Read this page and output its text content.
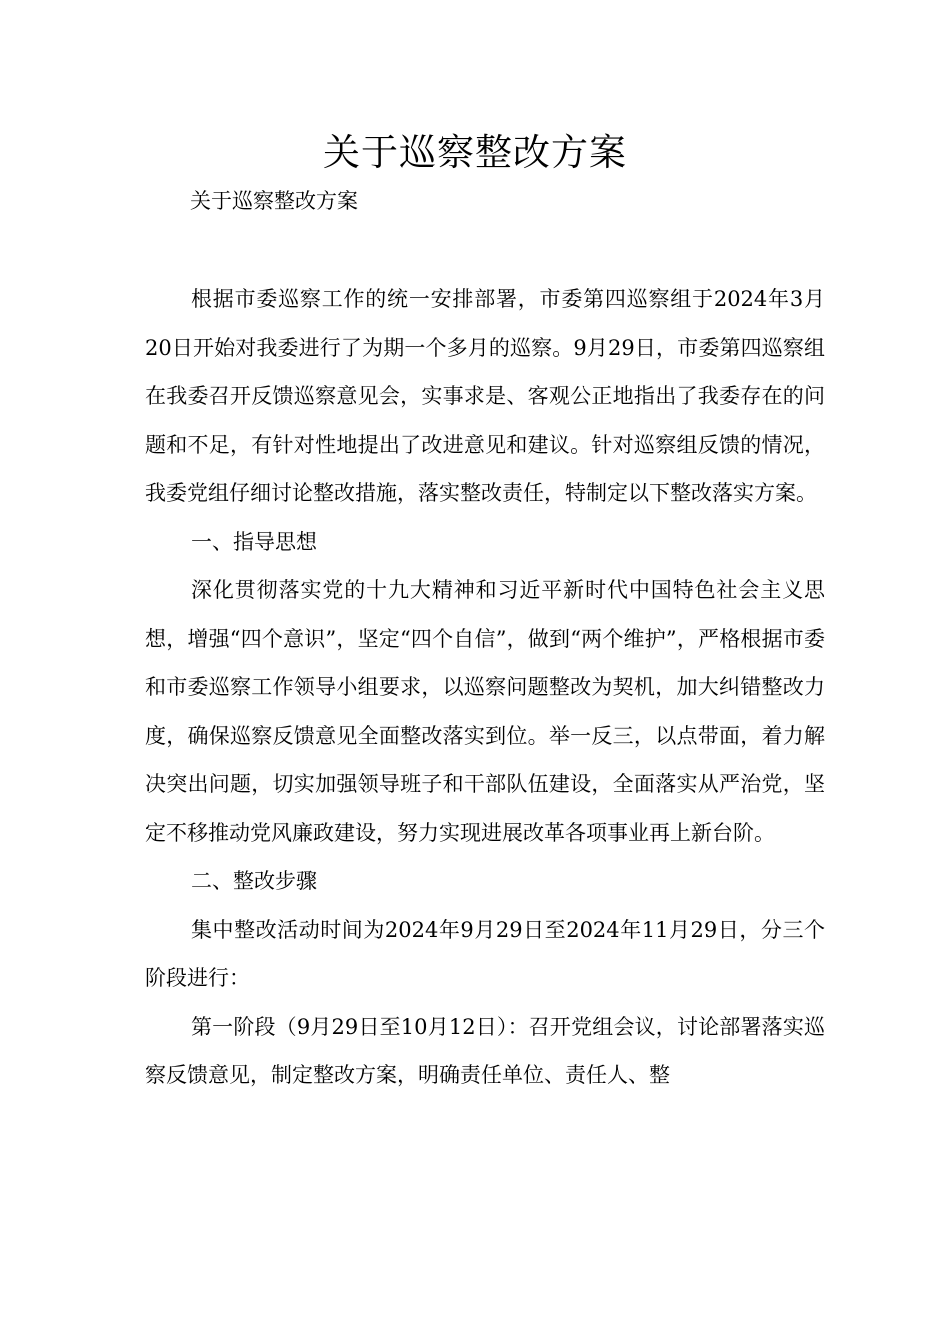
关于巡察整改方案
关于巡察整改方案

根据市委巡察工作的统一安排部署，市委第四巡察组于2024年3月20日开始对我委进行了为期一个多月的巡察。9月29日，市委第四巡察组在我委召开反馈巡察意见会，实事求是、客观公正地指出了我委存在的问题和不足，有针对性地提出了改进意见和建议。针对巡察组反馈的情况，我委党组仔细讨论整改措施，落实整改责任，特制定以下整改落实方案。

一、指导思想

深化贯彻落实党的十九大精神和习近平新时代中国特色社会主义思想，增强“四个意识”，坚定“四个自信”，做到“两个维护”，严格根据市委和市委巡察工作领导小组要求，以巡察问题整改为契机，加大纠错整改力度，确保巡察反馈意见全面整改落实到位。举一反三，以点带面，着力解决突出问题，切实加强领导班子和干部队伍建设，全面落实从严治党，坚定不移推动党风廉政建设，努力实现进展改革各项事业再上新台阶。

二、整改步骤

集中整改活动时间为2024年9月29日至2024年11月29日，分三个阶段进行：

第一阶段（9月29日至10月12日）：召开党组会议，讨论部署落实巡察反馈意见，制定整改方案，明确责任单位、责任人、整
